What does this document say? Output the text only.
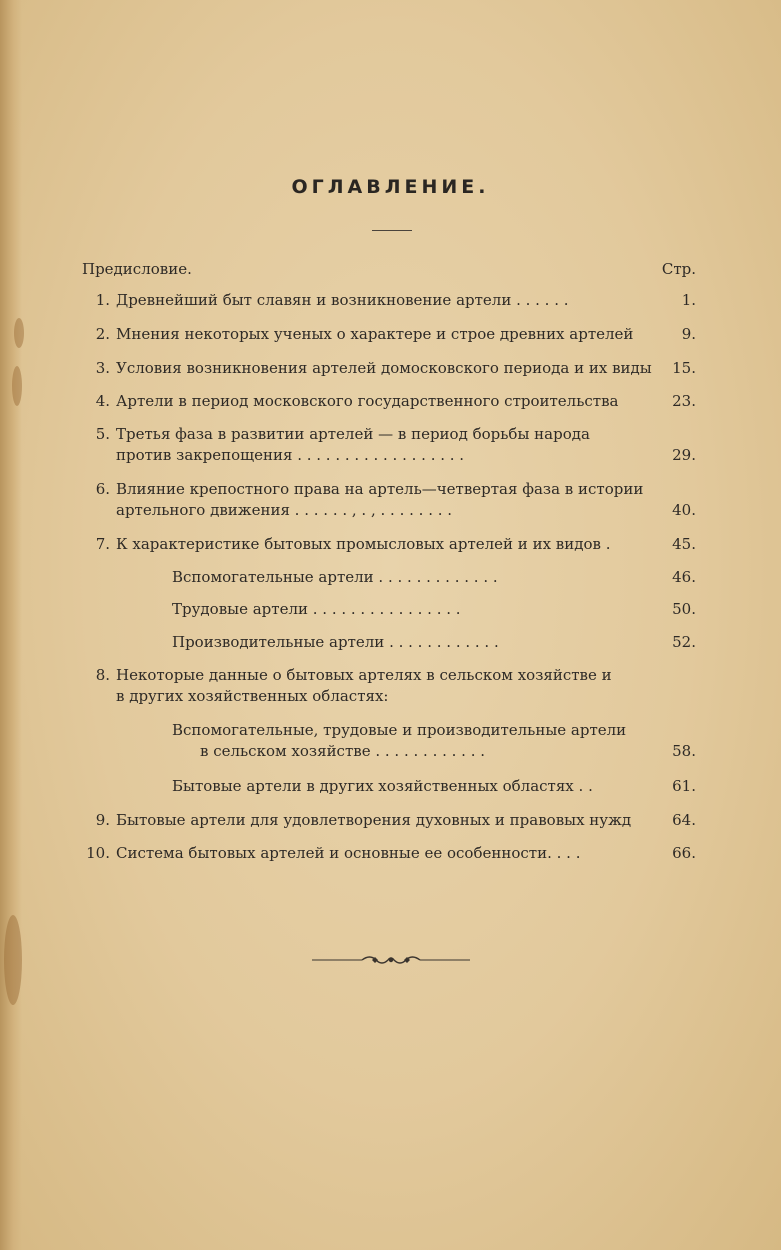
ОГЛАВЛЕНИЕ.
Предисловие.	Стр.
1. Древнейший быт славян и возникновение артели . . . . . .	1.
2. Мнения некоторых ученых о характере и строе древних артелей	9.
3. Условия возникновения артелей домосковского периода и их виды 15.
4. Артели в период московского государственного строительства	23.
5. Третья фаза в развитии артелей — в период борьбы народа
против закрепощения . . . . . . . . . . . . . . . . . .	29.
6. Влияние крепостного права на артель—четвертая фаза в истории
артельного движения . . . . . . , . , . . . . . . . .	40.
7. К характеристике бытовых промысловых артелей и их видов .	45.
Вспомогательные артели . . . . . . . . . . . . .	46.
Трудовые артели . . . . . . . . . . . . . . . .	50.
Производительные артели . . . . . . . . . . . .	52.
8. Некоторые данные о бытовых артелях в сельском хозяйстве и
в других хозяйственных областях:
Вспомогательные, трудовые и производительные артели
в сельском хозяйстве . . . . . . . . . . . .	58.
Бытовые артели в других хозяйственных областях . .	61.
9. Бытовые артели для удовлетворения духовных и правовых нужд	64.
10. Система бытовых артелей и основные ее особенности. . . .	66.
